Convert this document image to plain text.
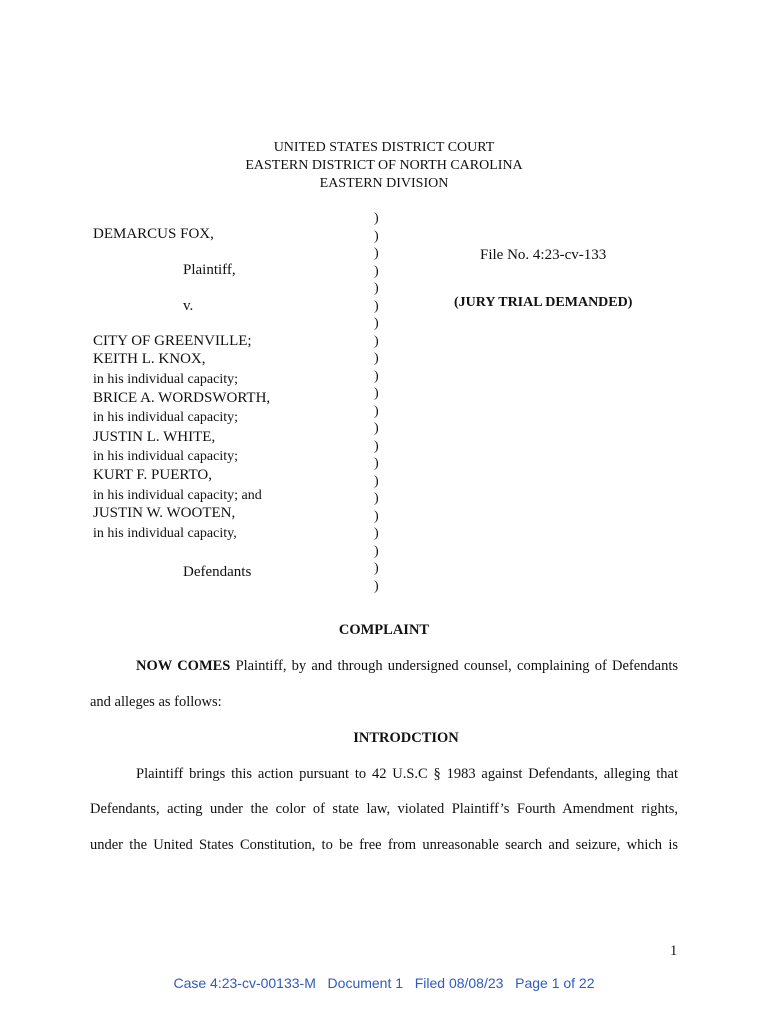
UNITED STATES DISTRICT COURT
EASTERN DISTRICT OF NORTH CAROLINA
EASTERN DIVISION
DEMARCUS FOX,
Plaintiff,
v.
CITY OF GREENVILLE;
KEITH L. KNOX,
in his individual capacity;
BRICE A. WORDSWORTH,
in his individual capacity;
JUSTIN L. WHITE,
in his individual capacity;
KURT F. PUERTO,
in his individual capacity; and
JUSTIN W. WOOTEN,
in his individual capacity,
Defendants
)
)
)
)
)
)
)
)
)
)
)
)
)
)
)
)
)
)
)
)
)
)
File No. 4:23-cv-133
(JURY TRIAL DEMANDED)
COMPLAINT
NOW COMES Plaintiff, by and through undersigned counsel, complaining of Defendants
and alleges as follows:
INTRODCTION
Plaintiff brings this action pursuant to 42 U.S.C § 1983 against Defendants, alleging that
Defendants, acting under the color of state law, violated Plaintiff’s Fourth Amendment rights,
under the United States Constitution, to be free from unreasonable search and seizure, which is
1
Case 4:23-cv-00133-M Document 1 Filed 08/08/23 Page 1 of 22
